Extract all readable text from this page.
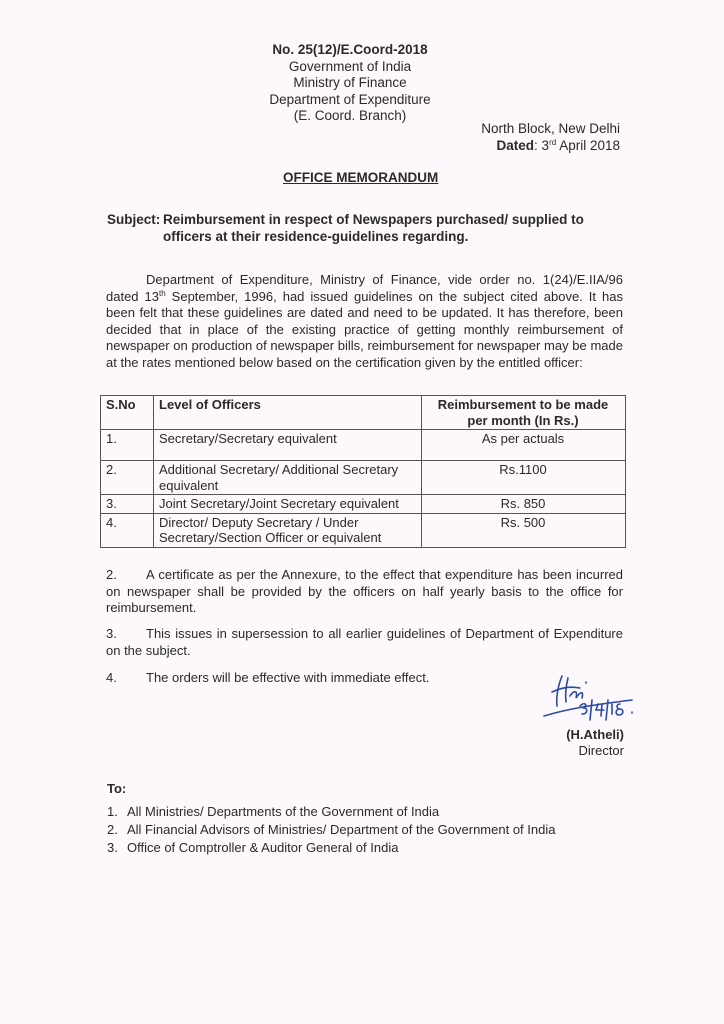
No. 25(12)/E.Coord-2018
Government of India
Ministry of Finance
Department of Expenditure
(E. Coord. Branch)
North Block, New Delhi
Dated: 3rd April 2018
OFFICE MEMORANDUM
Subject: Reimbursement in respect of Newspapers purchased/ supplied to
officers at their residence-guidelines regarding.
Department of Expenditure, Ministry of Finance, vide order no. 1(24)/E.IIA/96 dated 13th September, 1996, had issued guidelines on the subject cited above. It has been felt that these guidelines are dated and need to be updated. It has therefore, been decided that in place of the existing practice of getting monthly reimbursement of newspaper on production of newspaper bills, reimbursement for newspaper may be made at the rates mentioned below based on the certification given by the entitled officer:
S.No	Level of Officers	Reimbursement to be made per month (In Rs.)
1.	Secretary/Secretary equivalent	As per actuals
2.	Additional Secretary/ Additional Secretary equivalent	Rs.1100
3.	Joint Secretary/Joint Secretary equivalent	Rs. 850
4.	Director/ Deputy Secretary / Under Secretary/Section Officer or equivalent	Rs. 500
2. A certificate as per the Annexure, to the effect that expenditure has been incurred on newspaper shall be provided by the officers on half yearly basis to the office for reimbursement.
3. This issues in supersession to all earlier guidelines of Department of Expenditure on the subject.
4. The orders will be effective with immediate effect.
(H.Atheli)
Director
To:
1. All Ministries/ Departments of the Government of India
2. All Financial Advisors of Ministries/ Department of the Government of India
3. Office of Comptroller & Auditor General of India
